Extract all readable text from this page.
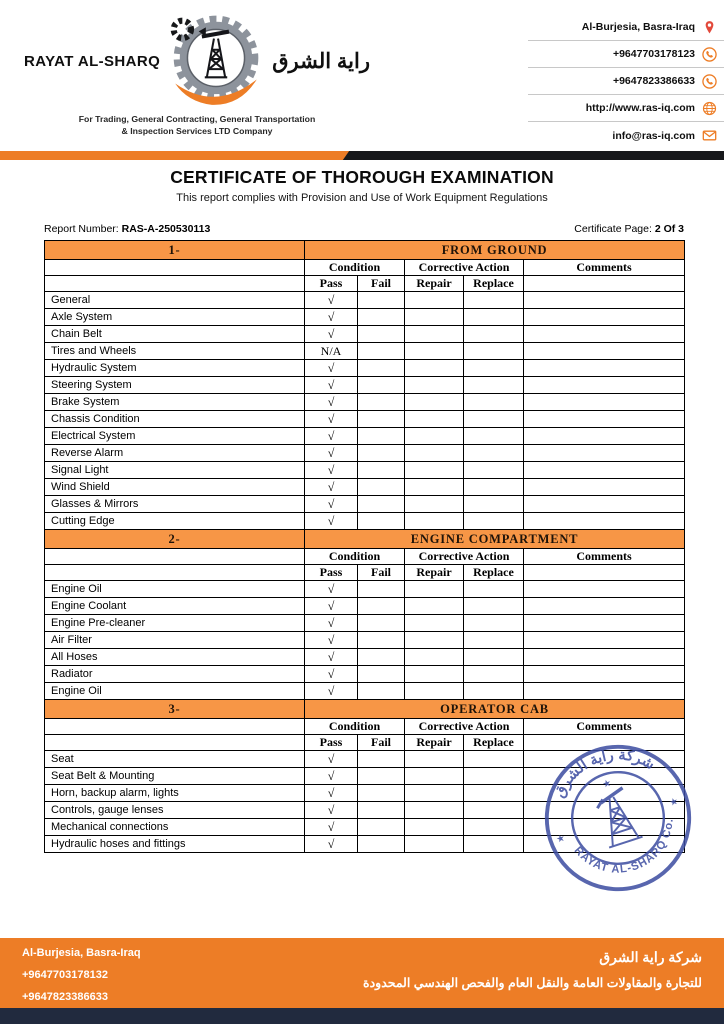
RAYAT AL-SHARQ	راية الشرق
For Trading, General Contracting, General Transportation
& Inspection Services LTD Company
Al-Burjesia, Basra-Iraq
+9647703178123
+9647823386633
http://www.ras-iq.com
info@ras-iq.com
CERTIFICATE OF THOROUGH EXAMINATION
This report complies with Provision and Use of Work Equipment Regulations
Report Number: RAS-A-250530113	Certificate Page: 2 Of 3
1-	FROM GROUND				
	Condition		Corrective Action		Comments
	Pass	Fail	Repair	Replace	
General	√				
Axle System	√				
Chain Belt	√				
Tires and Wheels	N/A				
Hydraulic System	√				
Steering System	√				
Brake System	√				
Chassis Condition	√				
Electrical System	√				
Reverse Alarm	√				
Signal Light	√				
Wind Shield	√				
Glasses & Mirrors	√				
Cutting Edge	√				
2-	ENGINE COMPARTMENT				
	Condition		Corrective Action		Comments
	Pass	Fail	Repair	Replace	
Engine Oil	√				
Engine Coolant	√				
Engine Pre-cleaner	√				
Air Filter	√				
All Hoses	√				
Radiator	√				
Engine Oil	√				
3-	OPERATOR CAB				
	Condition		Corrective Action		Comments
	Pass	Fail	Repair	Replace	
Seat	√				
Seat Belt & Mounting	√				
Horn, backup alarm, lights	√				
Controls, gauge lenses	√				
Mechanical connections	√				
Hydraulic hoses and fittings	√				
شركة راية الشرق
RAYAT AL-SHARQ Co.
★
★
★
Al-Burjesia, Basra-Iraq
+9647703178132
+9647823386633
شركة راية الشرق
للتجارة والمقاولات العامة والنقل العام والفحص الهندسي المحدودة
